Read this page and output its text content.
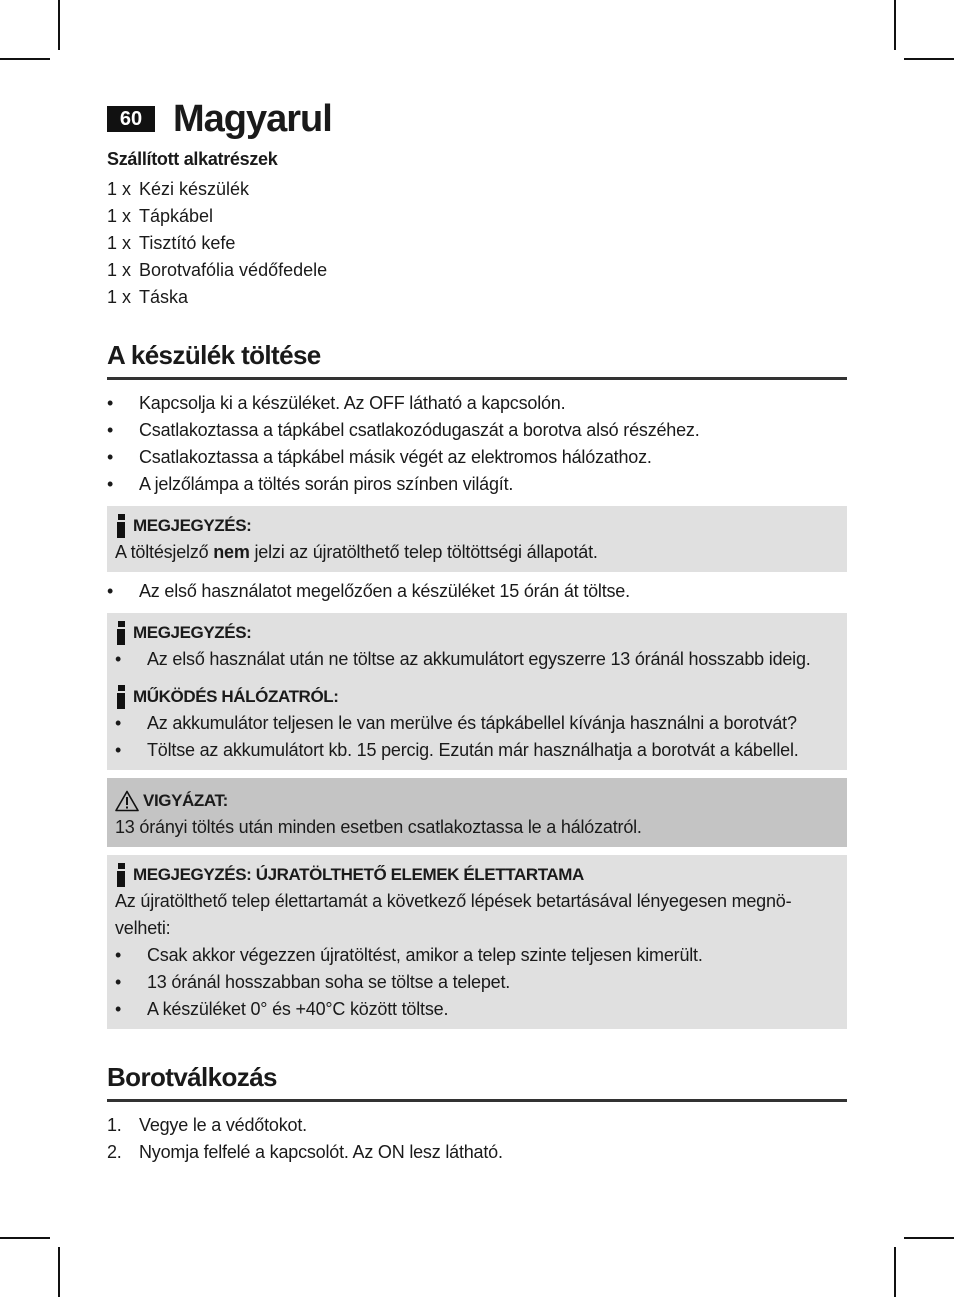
60 Magyarul
Szállított alkatrészek
1 x Kézi készülék
1 x Tápkábel
1 x Tisztító kefe
1 x Borotvafólia védőfedele
1 x Táska
A készülék töltése
• Kapcsolja ki a készüléket. Az OFF látható a kapcsolón.
• Csatlakoztassa a tápkábel csatlakozódugaszát a borotva alsó részéhez.
• Csatlakoztassa a tápkábel másik végét az elektromos hálózathoz.
• A jelzőlámpa a töltés során piros színben világít.
MEGJEGYZÉS:
A töltésjelző nem jelzi az újratölthető telep töltöttségi állapotát.
• Az első használatot megelőzően a készüléket 15 órán át töltse.
MEGJEGYZÉS:
• Az első használat után ne töltse az akkumulátort egyszerre 13 óránál hosszabb ideig.
MŰKÖDÉS HÁLÓZATRÓL:
• Az akkumulátor teljesen le van merülve és tápkábellel kívánja használni a borotvát?
• Töltse az akkumulátort kb. 15 percig. Ezután már használhatja a borotvát a kábellel.
VIGYÁZAT:
13 órányi töltés után minden esetben csatlakoztassa le a hálózatról.
MEGJEGYZÉS: ÚJRATÖLTHETŐ ELEMEK ÉLETTARTAMA
Az újratölthető telep élettartamát a következő lépések betartásával lényegesen megnö-velheti:
• Csak akkor végezzen újratöltést, amikor a telep szinte teljesen kimerült.
• 13 óránál hosszabban soha se töltse a telepet.
• A készüléket 0° és +40°C között töltse.
Borotválkozás
1. Vegye le a védőtokot.
2. Nyomja felfelé a kapcsolót. Az ON lesz látható.
